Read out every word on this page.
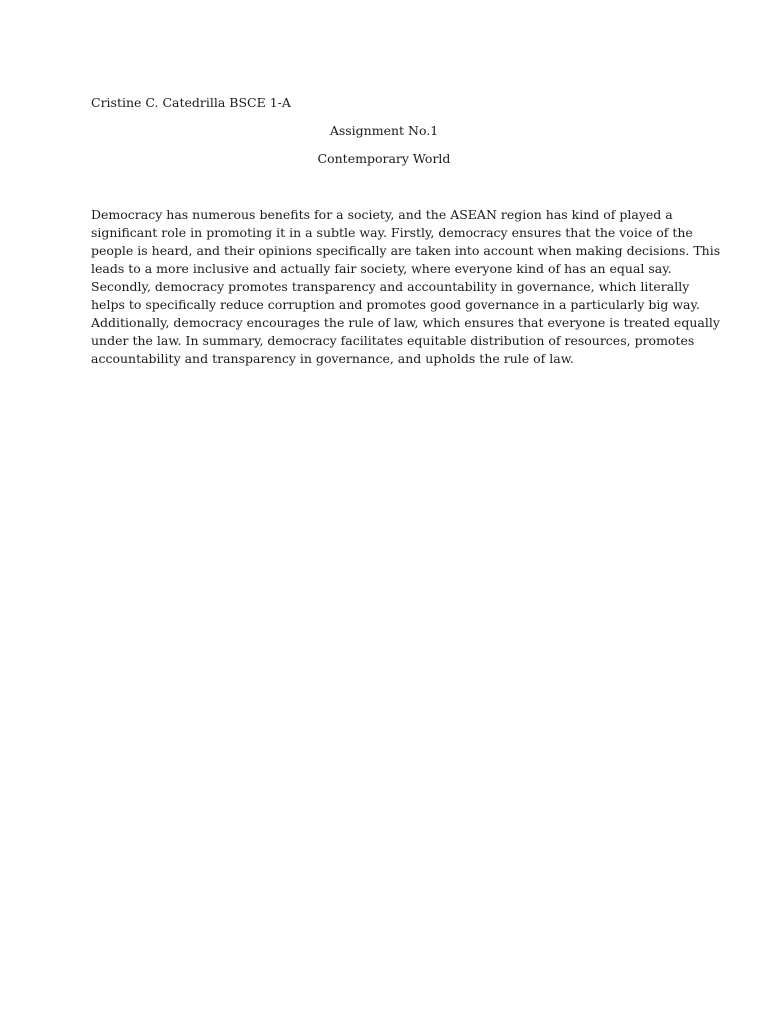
Cristine C. Catedrilla BSCE 1-A
Assignment No.1
Contemporary World
Democracy has numerous benefits for a society, and the ASEAN region has kind of played a
significant role in promoting it in a subtle way. Firstly, democracy ensures that the voice of the
people is heard, and their opinions specifically are taken into account when making decisions. This
leads to a more inclusive and actually fair society, where everyone kind of has an equal say.
Secondly, democracy promotes transparency and accountability in governance, which literally
helps to specifically reduce corruption and promotes good governance in a particularly big way.
Additionally, democracy encourages the rule of law, which ensures that everyone is treated equally
under the law. In summary, democracy facilitates equitable distribution of resources, promotes
accountability and transparency in governance, and upholds the rule of law.
